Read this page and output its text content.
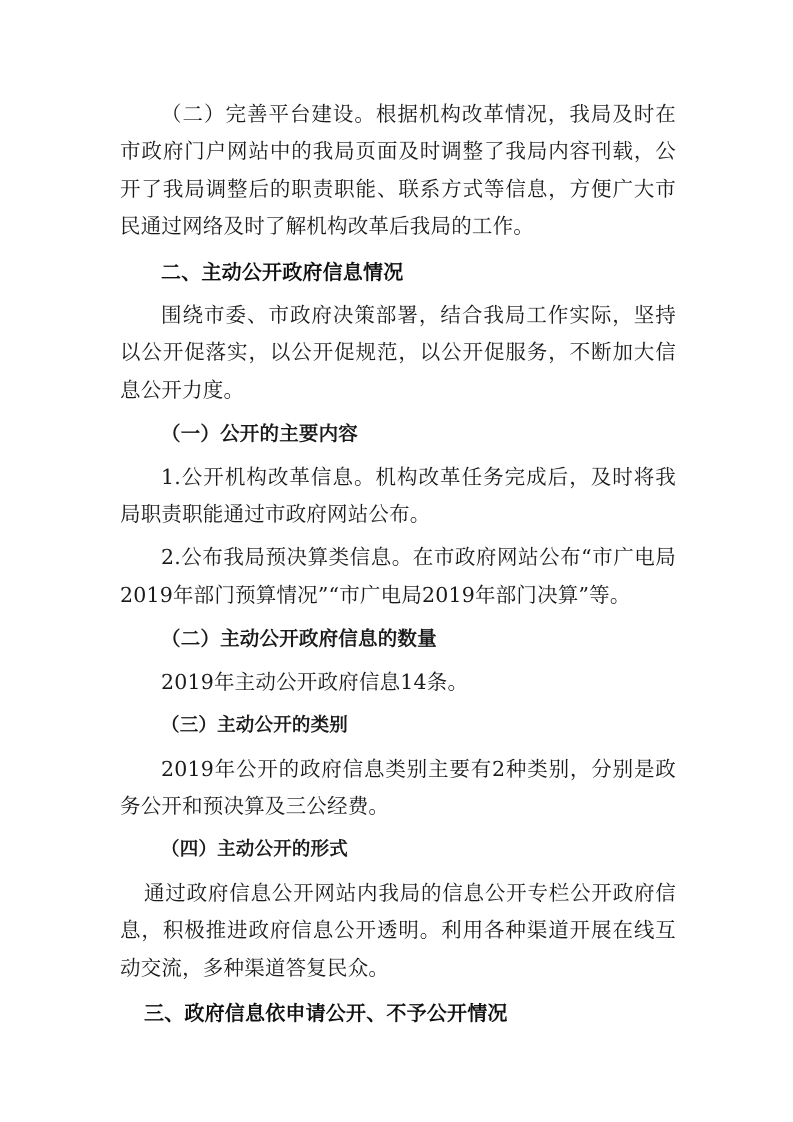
（二）完善平台建设。根据机构改革情况，我局及时在市政府门户网站中的我局页面及时调整了我局内容刊载，公开了我局调整后的职责职能、联系方式等信息，方便广大市民通过网络及时了解机构改革后我局的工作。

二、主动公开政府信息情况

围绕市委、市政府决策部署，结合我局工作实际，坚持以公开促落实，以公开促规范，以公开促服务，不断加大信息公开力度。

（一）公开的主要内容

1.公开机构改革信息。机构改革任务完成后，及时将我局职责职能通过市政府网站公布。

2.公布我局预决算类信息。在市政府网站公布“市广电局2019年部门预算情况”“市广电局2019年部门决算”等。

（二）主动公开政府信息的数量

2019年主动公开政府信息14条。

（三）主动公开的类别

2019年公开的政府信息类别主要有2种类别，分别是政务公开和预决算及三公经费。

（四）主动公开的形式

通过政府信息公开网站内我局的信息公开专栏公开政府信息，积极推进政府信息公开透明。利用各种渠道开展在线互动交流，多种渠道答复民众。

三、政府信息依申请公开、不予公开情况
